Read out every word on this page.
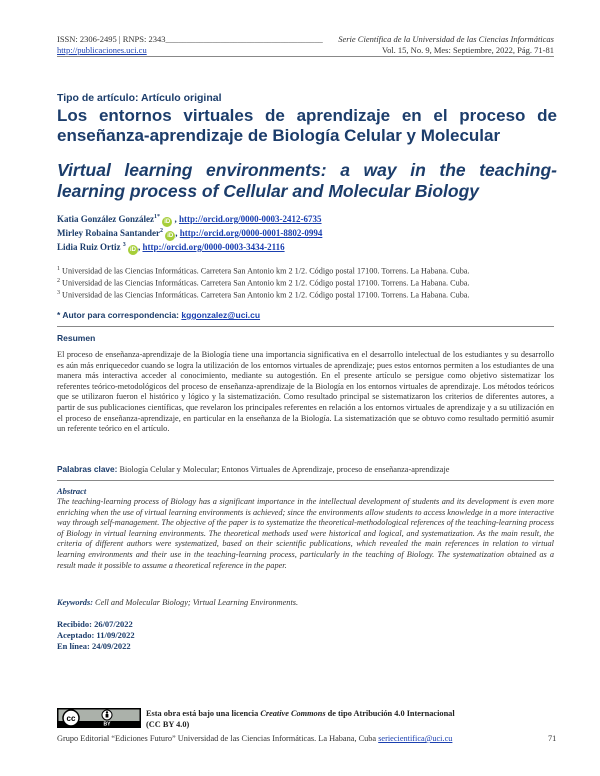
ISSN: 2306-2495 | RNPS: 2343_____________________________________ Serie Científica de la Universidad de las Ciencias Informáticas
http://publicaciones.uci.cu	Vol. 15, No. 9, Mes: Septiembre, 2022, Pág. 71-81
Tipo de artículo: Artículo original
Los entornos virtuales de aprendizaje en el proceso de enseñanza-aprendizaje de Biología Celular y Molecular
Virtual learning environments: a way in the teaching-learning process of Cellular and Molecular Biology
Katia González González$^{1*}$ iD , http://orcid.org/0000-0003-2412-6735
Mirley Robaina Santander$^2$ iD , http://orcid.org/0000-0001-8802-0994
Lidia Ruiz Ortiz $^3$ iD , http://orcid.org/0000-0003-3434-2116
$^1$ Universidad de las Ciencias Informáticas. Carretera San Antonio km 2 1/2. Código postal 17100. Torrens. La Habana. Cuba.
$^2$ Universidad de las Ciencias Informáticas. Carretera San Antonio km 2 1/2. Código postal 17100. Torrens. La Habana. Cuba.
$^3$ Universidad de las Ciencias Informáticas. Carretera San Antonio km 2 1/2. Código postal 17100. Torrens. La Habana. Cuba.
* Autor para correspondencia: kggonzalez@uci.cu
Resumen
El proceso de enseñanza-aprendizaje de la Biología tiene una importancia significativa en el desarrollo intelectual de los estudiantes y su desarrollo es aún más enriquecedor cuando se logra la utilización de los entornos virtuales de aprendizaje; pues estos entornos permiten a los estudiantes de una manera más interactiva acceder al conocimiento, mediante su autogestión. En el presente artículo se persigue como objetivo sistematizar los referentes teórico-metodológicos del proceso de enseñanza-aprendizaje de la Biología en los entornos virtuales de aprendizaje. Los métodos teóricos que se utilizaron fueron el histórico y lógico y la sistematización. Como resultado principal se sistematizaron los criterios de diferentes autores, a partir de sus publicaciones científicas, que revelaron los principales referentes en relación a los entornos virtuales de aprendizaje y a su utilización en el proceso de enseñanza-aprendizaje, en particular en la enseñanza de la Biología. La sistematización que se obtuvo como resultado permitió asumir un referente teórico en el artículo.
Palabras clave: Biología Celular y Molecular; Entonos Virtuales de Aprendizaje, proceso de enseñanza-aprendizaje
Abstract
The teaching-learning process of Biology has a significant importance in the intellectual development of students and its development is even more enriching when the use of virtual learning environments is achieved; since the environments allow students to access knowledge in a more interactive way through self-management. The objective of the paper is to systematize the theoretical-methodological references of the teaching-learning process of Biology in virtual learning environments. The theoretical methods used were historical and logical, and systematization. As the main result, the criteria of different authors were systematized, based on their scientific publications, which revealed the main references in relation to virtual learning environments and their use in the teaching-learning process, particularly in the teaching of Biology. The systematization obtained as a result made it possible to assume a theoretical reference in the paper.
Keywords: Cell and Molecular Biology; Virtual Learning Environments.
Recibido: 26/07/2022
Aceptado: 11/09/2022
En línea: 24/09/2022
cc
BY
Esta obra está bajo una licencia Creative Commons de tipo Atribución 4.0 Internacional
(CC BY 4.0)
Grupo Editorial “Ediciones Futuro” Universidad de las Ciencias Informáticas. La Habana, Cuba seriecientifica@uci.cu	71
